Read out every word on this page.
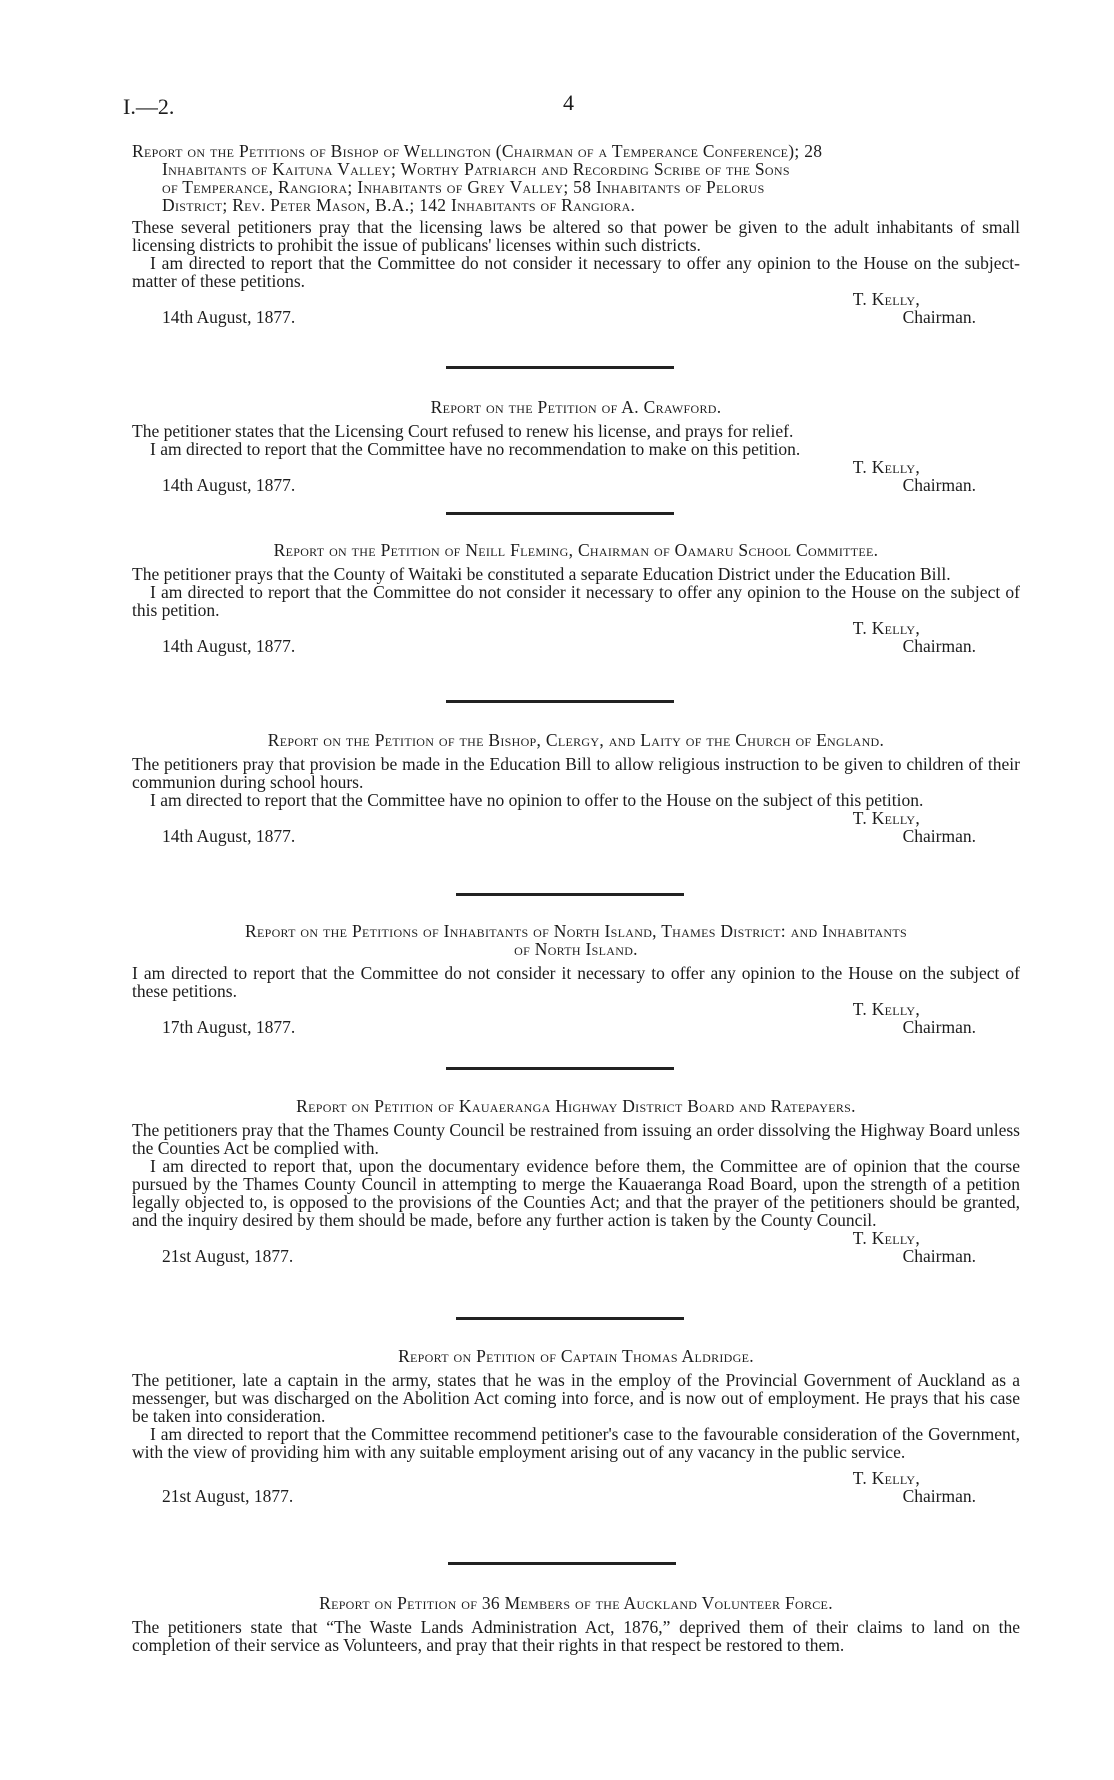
I.—2.	4
Report on the Petitions of Bishop of Wellington (Chairman of a Temperance Conference); 28
Inhabitants of Kaituna Valley; Worthy Patriarch and Recording Scribe of the Sons
of Temperance, Rangiora; Inhabitants of Grey Valley; 58 Inhabitants of Pelorus
District; Rev. Peter Mason, B.A.; 142 Inhabitants of Rangiora.

These several petitioners pray that the licensing laws be altered so that power be given to the adult inhabitants of small licensing districts to prohibit the issue of publicans' licenses within such districts.

I am directed to report that the Committee do not consider it necessary to offer any opinion to the House on the subject-matter of these petitions.

T. Kelly,
Chairman.
14th August, 1877.
Report on the Petition of A. Crawford.

The petitioner states that the Licensing Court refused to renew his license, and prays for relief.

I am directed to report that the Committee have no recommendation to make on this petition.

T. Kelly,
Chairman.
14th August, 1877.
Report on the Petition of Neill Fleming, Chairman of Oamaru School Committee.

The petitioner prays that the County of Waitaki be constituted a separate Education District under the Education Bill.

I am directed to report that the Committee do not consider it necessary to offer any opinion to the House on the subject of this petition.

T. Kelly,
Chairman.
14th August, 1877.
Report on the Petition of the Bishop, Clergy, and Laity of the Church of England.

The petitioners pray that provision be made in the Education Bill to allow religious instruction to be given to children of their communion during school hours.

I am directed to report that the Committee have no opinion to offer to the House on the subject of this petition.

T. Kelly,
Chairman.
14th August, 1877.
Report on the Petitions of Inhabitants of North Island, Thames District: and Inhabitants
of North Island.

I am directed to report that the Committee do not consider it necessary to offer any opinion to the House on the subject of these petitions.

T. Kelly,
Chairman.
17th August, 1877.
Report on Petition of Kauaeranga Highway District Board and Ratepayers.

The petitioners pray that the Thames County Council be restrained from issuing an order dissolving the Highway Board unless the Counties Act be complied with.

I am directed to report that, upon the documentary evidence before them, the Committee are of opinion that the course pursued by the Thames County Council in attempting to merge the Kauaeranga Road Board, upon the strength of a petition legally objected to, is opposed to the provisions of the Counties Act; and that the prayer of the petitioners should be granted, and the inquiry desired by them should be made, before any further action is taken by the County Council.

T. Kelly,
Chairman.
21st August, 1877.
Report on Petition of Captain Thomas Aldridge.

The petitioner, late a captain in the army, states that he was in the employ of the Provincial Government of Auckland as a messenger, but was discharged on the Abolition Act coming into force, and is now out of employment. He prays that his case be taken into consideration.

I am directed to report that the Committee recommend petitioner's case to the favourable consideration of the Government, with the view of providing him with any suitable employment arising out of any vacancy in the public service.

T. Kelly,
Chairman.
21st August, 1877.
Report on Petition of 36 Members of the Auckland Volunteer Force.

The petitioners state that “The Waste Lands Administration Act, 1876,” deprived them of their claims to land on the completion of their service as Volunteers, and pray that their rights in that respect be restored to them.
